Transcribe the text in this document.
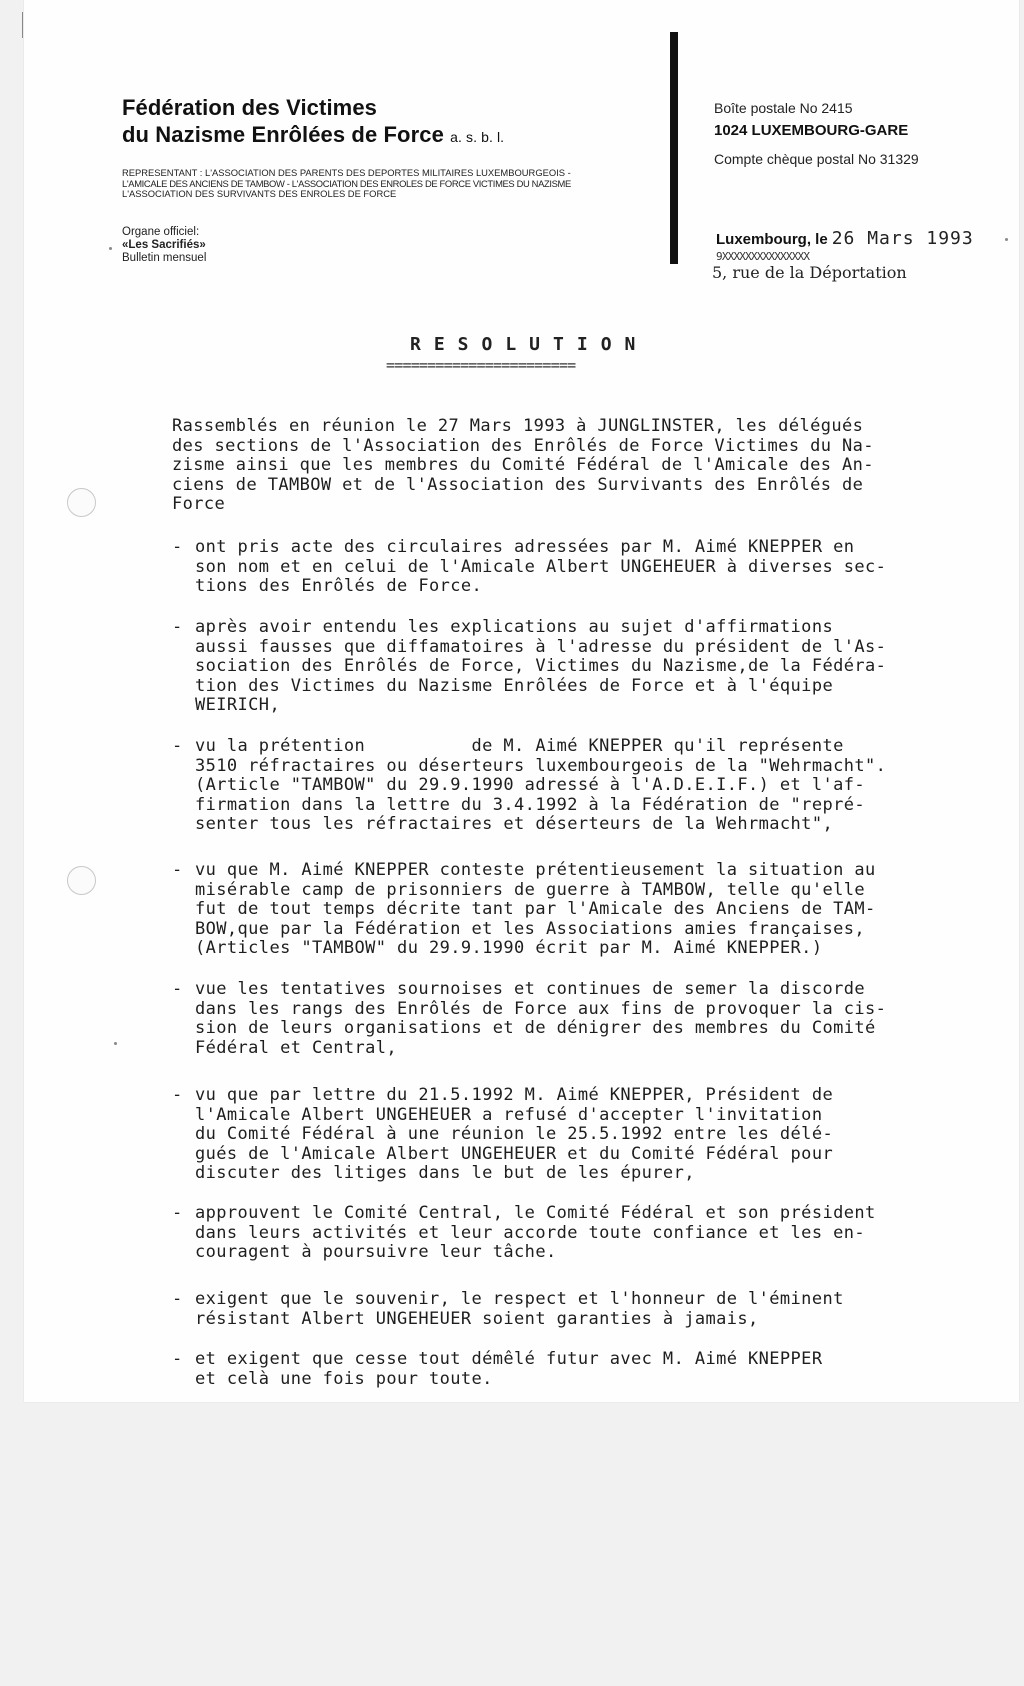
Fédération des Victimes
du Nazisme Enrôlées de Force a. s. b. l.
REPRESENTANT : L'ASSOCIATION DES PARENTS DES DEPORTES MILITAIRES LUXEMBOURGEOIS -
L'AMICALE DES ANCIENS DE TAMBOW - L'ASSOCIATION DES ENROLES DE FORCE VICTIMES DU NAZISME
L'ASSOCIATION DES SURVIVANTS DES ENROLES DE FORCE
Organe officiel:
«Les Sacrifiés»
Bulletin mensuel
Boîte postale No 2415
1024 LUXEMBOURG-GARE
Compte chèque postal No 31329
Luxembourg, le 26 Mars 1993
9XXXXXXXXXXXXXXX
5, rue de la Déportation
RESOLUTION
=======================
Rassemblés en réunion le 27 Mars 1993 à JUNGLINSTER, les délégués
des sections de l'Association des Enrôlés de Force Victimes du Na-
zisme ainsi que les membres du Comité Fédéral de l'Amicale des An-
ciens de TAMBOW et de l'Association des Survivants des Enrôlés de
Force

-

ont pris acte des circulaires adressées par M. Aimé KNEPPER en
son nom et en celui de l'Amicale Albert UNGEHEUER à diverses sec-
tions des Enrôlés de Force.

-

après avoir entendu les explications au sujet d'affirmations
aussi fausses que diffamatoires à l'adresse du président de l'As-
sociation des Enrôlés de Force, Victimes du Nazisme,de la Fédéra-
tion des Victimes du Nazisme Enrôlées de Force et à l'équipe
WEIRICH,

-

vu la prétention          de M. Aimé KNEPPER qu'il représente
3510 réfractaires ou déserteurs luxembourgeois de la "Wehrmacht".
(Article "TAMBOW" du 29.9.1990 adressé à l'A.D.E.I.F.) et l'af-
firmation dans la lettre du 3.4.1992 à la Fédération de "repré-
senter tous les réfractaires et déserteurs de la Wehrmacht",

-

vu que M. Aimé KNEPPER conteste prétentieusement la situation au
misérable camp de prisonniers de guerre à TAMBOW, telle qu'elle
fut de tout temps décrite tant par l'Amicale des Anciens de TAM-
BOW,que par la Fédération et les Associations amies françaises,
(Articles "TAMBOW" du 29.9.1990 écrit par M. Aimé KNEPPER.)

-

vue les tentatives sournoises et continues de semer la discorde
dans les rangs des Enrôlés de Force aux fins de provoquer la cis-
sion de leurs organisations et de dénigrer des membres du Comité
Fédéral et Central,

-

vu que par lettre du 21.5.1992 M. Aimé KNEPPER, Président de
l'Amicale Albert UNGEHEUER a refusé d'accepter l'invitation
du Comité Fédéral à une réunion le 25.5.1992 entre les délé-
gués de l'Amicale Albert UNGEHEUER et du Comité Fédéral pour
discuter des litiges dans le but de les épurer,

-

approuvent le Comité Central, le Comité Fédéral et son président
dans leurs activités et leur accorde toute confiance et les en-
couragent à poursuivre leur tâche.

-

exigent que le souvenir, le respect et l'honneur de l'éminent
résistant Albert UNGEHEUER soient garanties à jamais,

-

et exigent que cesse tout démêlé futur avec M. Aimé KNEPPER
et celà une fois pour toute.
